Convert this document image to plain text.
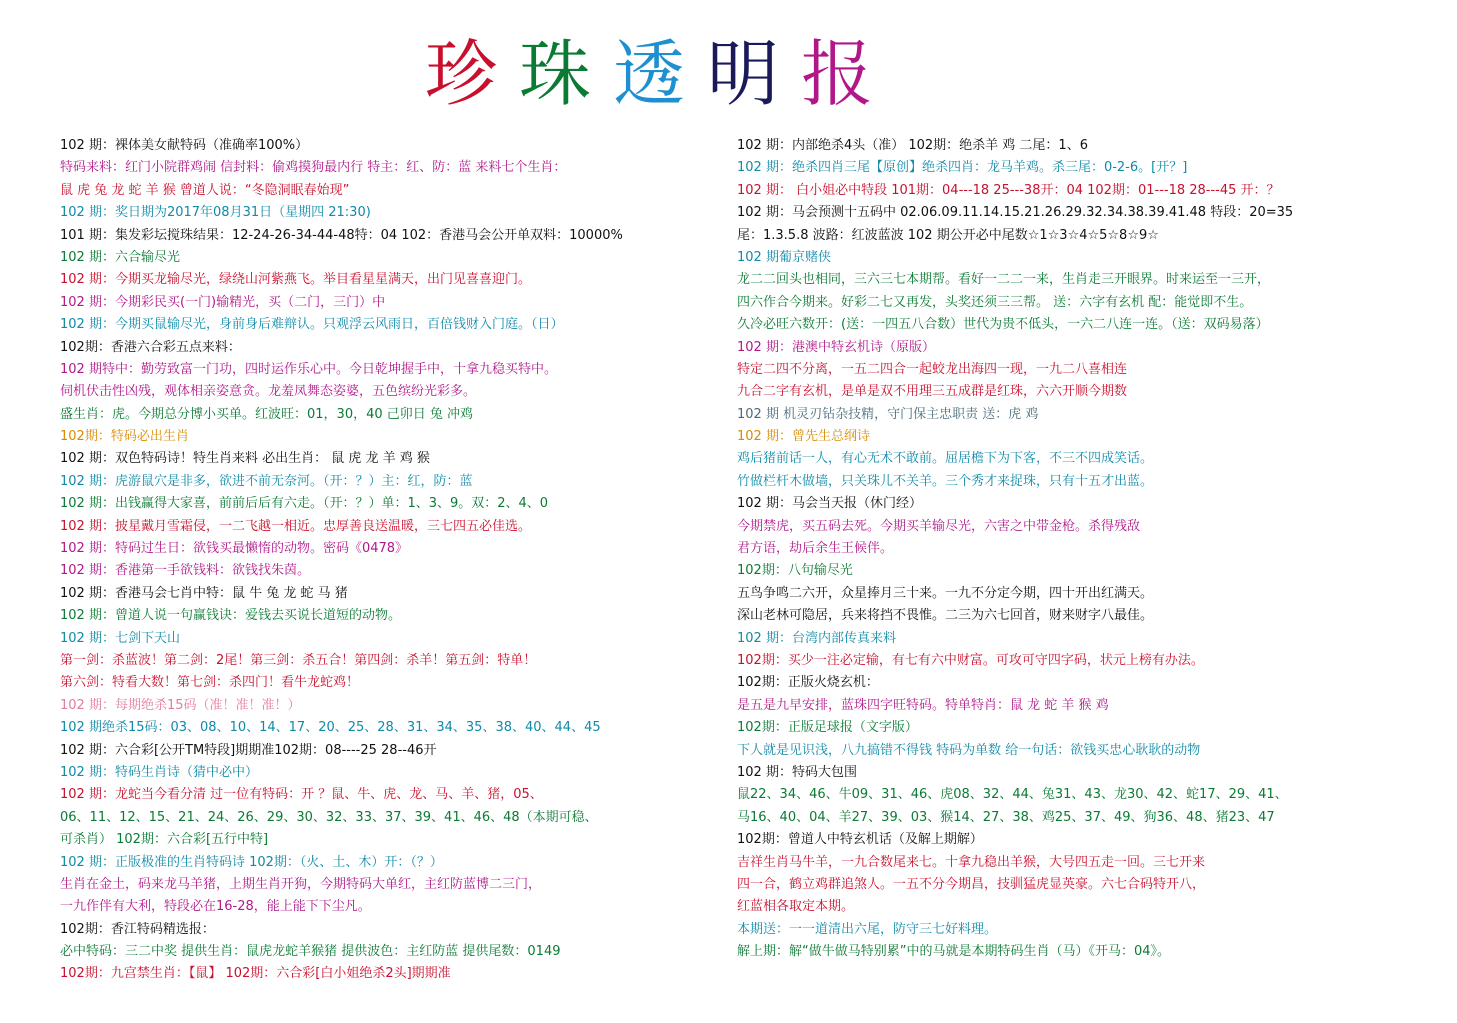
珍珠透明报
102 期：裸体美女献特码（准确率100%）
特码来料：红门小院群鸡闹 信封料：偷鸡摸狗最内行 特主：红、防：蓝 来料七个生肖：
鼠 虎 兔 龙 蛇 羊 猴 曾道人说：“冬隐洞眠春始现”
102 期：奖日期为2017年08月31日（星期四 21:30)
101 期：集发彩坛搅珠结果：12-24-26-34-44-48特：04 102：香港马会公开单双料：10000%
102 期：六合输尽光
102 期：今期买龙输尽光，绿绕山河紫燕飞。举目看星星满天，出门见喜喜迎门。
102 期：今期彩民买(一门)输精光，买（二门，三门）中
102 期：今期买鼠输尽光，身前身后难辩认。只观浮云风雨日，百倍钱财入门庭。（日）
102期：香港六合彩五点来料：
102 期特中：勤劳致富一门功，四时运作乐心中。今日乾坤握手中，十拿九稳买特中。
伺机伏击性凶残，观体相亲姿意贪。龙羞凤舞态姿婆，五色缤纷光彩多。
盛生肖：虎。今期总分博小买单。红波旺：01，30，40 己卯日 兔 冲鸡
102期：特码必出生肖
102 期：双色特码诗！特生肖来料 必出生肖： 鼠 虎 龙 羊 鸡 猴
102 期：虎游鼠穴是非多，欲进不前无奈河。（开：？）主：红，防：蓝
102 期：出钱赢得大家喜，前前后后有六走。（开：？）单：1、3、9。双：2、4、0
102 期：披星戴月雪霜侵，一二飞越一相近。忠厚善良送温暖，三七四五必佳选。
102 期：特码过生日：欲钱买最懒惰的动物。密码《0478》
102 期：香港第一手欲钱料：欲钱找朱茵。
102 期：香港马会七肖中特：鼠 牛 兔 龙 蛇 马 猪
102 期：曾道人说一句赢钱诀：爱钱去买说长道短的动物。
102 期：七剑下天山
第一剑：杀蓝波！第二剑：2尾！第三剑：杀五合！第四剑：杀羊！第五剑：特单！
第六剑：特看大数！第七剑：杀四门！看牛龙蛇鸡！
102 期：每期绝杀15码（准！准！准！）
102 期绝杀15码：03、08、10、14、17、20、25、28、31、34、35、38、40、44、45
102 期：六合彩[公开TM特段]期期准102期：08----25 28--46开
102 期：特码生肖诗（猜中必中）
102 期：龙蛇当今看分清 过一位有特码：开 ？鼠、牛、虎、龙、马、羊、猪，05、
06、11、12、15、21、24、26、29、30、32、33、37、39、41、46、48（本期可稳、
可杀肖） 102期：六合彩[五行中特]
102 期：正版极准的生肖特码诗 102期：（火、土、木）开：（？）
生肖在金土，码来龙马羊猪，上期生肖开狗，今期特码大单红，主红防蓝博二三门，
一九作伴有大利，特段必在16-28，能上能下下尘凡。
102期：香江特码精选报：
必中特码：三二中奖 提供生肖：鼠虎龙蛇羊猴猪 提供波色：主红防蓝 提供尾数：0149
102期：九宫禁生肖：【鼠】 102期：六合彩[白小姐绝杀2头]期期准
102 期：内部绝杀4头（准） 102期：绝杀羊 鸡 二尾：1、6
102 期：绝杀四肖三尾【原创】绝杀四肖：龙马羊鸡。杀三尾：0-2-6。[开？]
102 期： 白小姐必中特段 101期：04---18 25---38开：04 102期：01---18 28---45 开：？
102 期：马会预测十五码中 02.06.09.11.14.15.21.26.29.32.34.38.39.41.48 特段：20=35
尾：1.3.5.8 波路：红波蓝波 102 期公开必中尾数☆1☆3☆4☆5☆8☆9☆
102 期葡京赌侠
龙二二回头也相同，三六三七本期帮。看好一二二一来，生肖走三开眼界。时来运至一三开，
四六作合今期来。好彩二七又再发，头奖还须三三帮。 送：六字有玄机 配：能觉即不生。
久冷必旺六数开：(送：一四五八合数）世代为贵不低头，一六二八连一连。（送：双码易落）
102 期：港澳中特玄机诗（原版）
特定二四不分离，一五二四合一起蛟龙出海四一现，一九二八喜相连
九合二字有玄机，是单是双不用理三五成群是红珠，六六开顺今期数
102 期 机灵刃钻杂技精，守门保主忠职责 送：虎 鸡
102 期：曾先生总纲诗
鸡后猪前话一人，有心无术不敢前。屈居檐下为下客，不三不四成笑话。
竹做栏杆木做墙，只关珠儿不关羊。三个秀才来捉珠，只有十五才出蓝。
102 期：马会当天报（休门经）
今期禁虎，买五码去死。今期买羊输尽光，六害之中带金枪。杀得残敌
君方语，劫后余生王候伴。
102期：八句输尽光
五鸟争鸣二六开，众星捧月三十来。一九不分定今期，四十开出红满天。
深山老林可隐居，兵来将挡不畏惟。二三为六七回首，财来财字八最佳。
102 期：台湾内部传真来料
102期：买少一注必定输，有七有六中财富。可攻可守四字码，状元上榜有办法。
102期：正版火烧玄机：
是五是九早安排，蓝珠四字旺特码。特单特肖：鼠 龙 蛇 羊 猴 鸡
102期：正版足球报（文字版）
下人就是见识浅，八九搞错不得钱 特码为单数 给一句话：欲钱买忠心耿耿的动物
102 期：特码大包围
鼠22、34、46、牛09、31、46、虎08、32、44、兔31、43、龙30、42、蛇17、29、41、
马16、40、04、羊27、39、03、猴14、27、38、鸡25、37、49、狗36、48、猪23、47
102期：曾道人中特玄机话（及解上期解）
吉祥生肖马牛羊，一九合数尾来七。十拿九稳出羊猴，大号四五走一回。三七开来
四一合，鹤立鸡群追煞人。一五不分今期昌，技驯猛虎显英豪。六七合码特开八，
红蓝相各取定本期。
本期送：一一道清出六尾，防守三七好料理。
解上期：解“做牛做马特别累”中的马就是本期特码生肖（马）《开马：04》。
